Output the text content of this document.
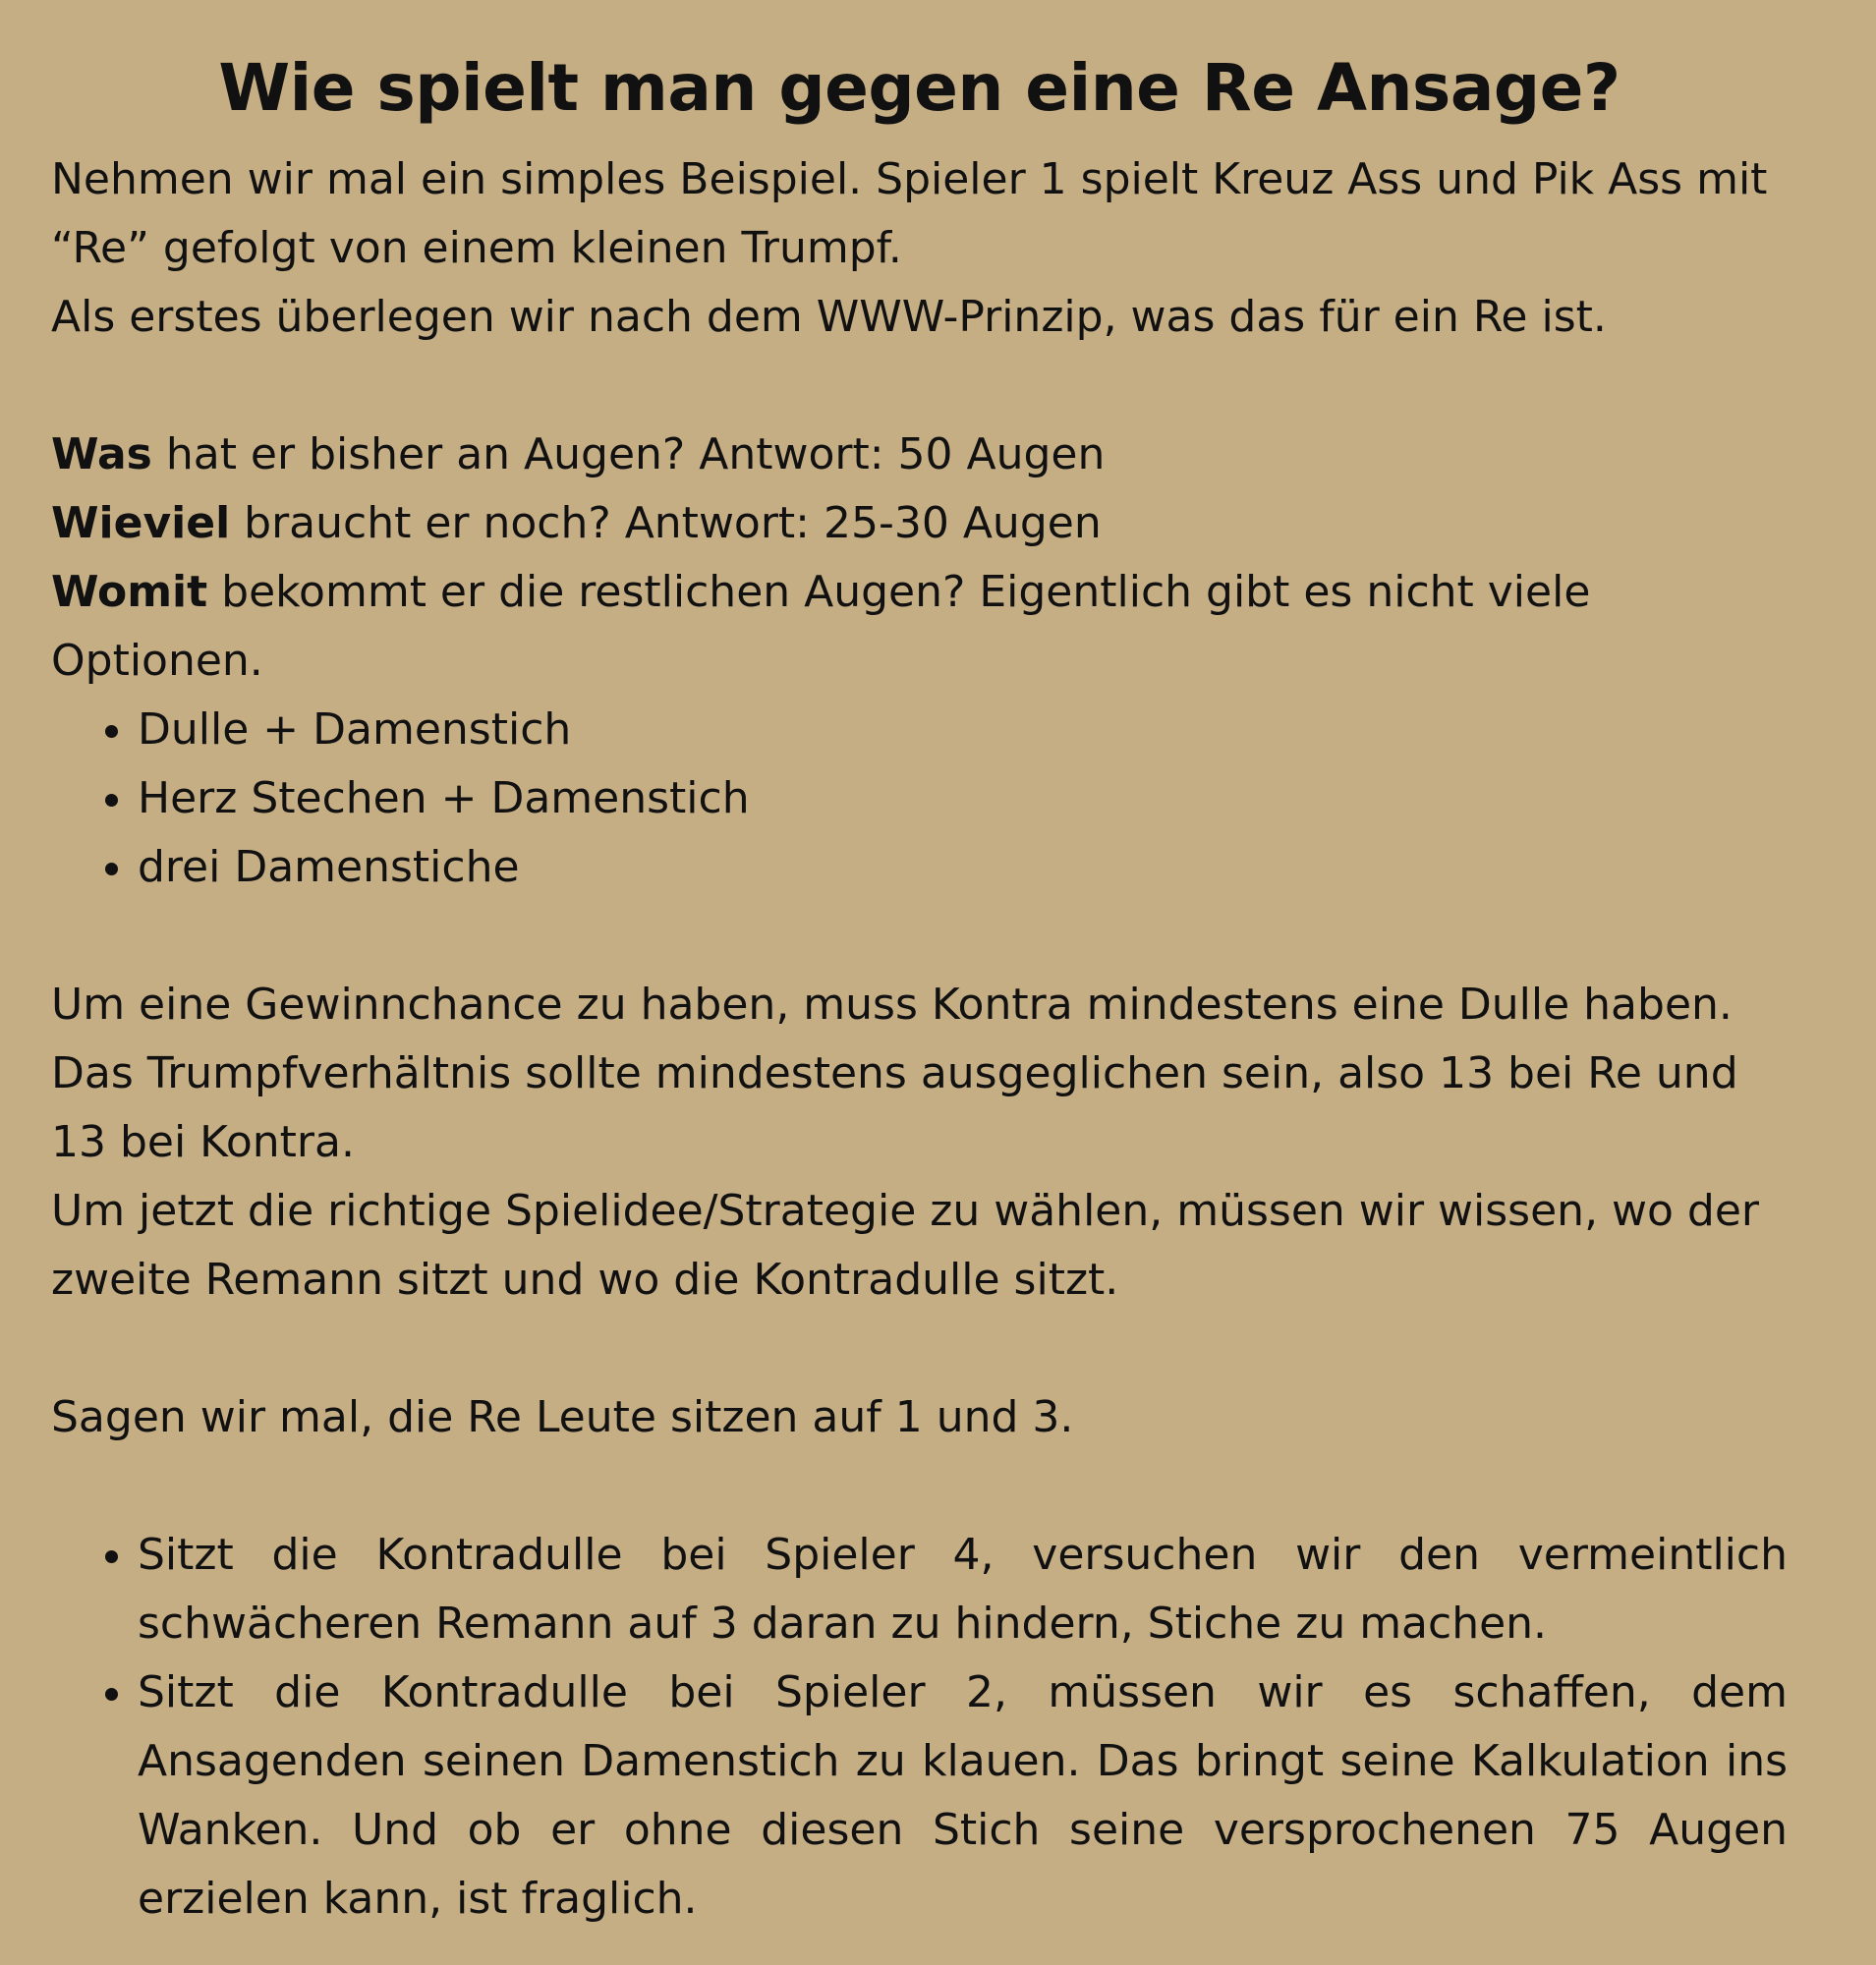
Wie spielt man gegen eine Re Ansage?

Nehmen wir mal ein simples Beispiel. Spieler 1 spielt Kreuz Ass und Pik Ass mit “Re” gefolgt von einem kleinen Trumpf.

Als erstes überlegen wir nach dem WWW-Prinzip, was das für ein Re ist.

Was hat er bisher an Augen? Antwort: 50 Augen

Wieviel braucht er noch? Antwort: 25-30 Augen

Womit bekommt er die restlichen Augen? Eigentlich gibt es nicht viele Optionen.

• Dulle + Damenstich
• Herz Stechen + Damenstich
• drei Damenstiche

Um eine Gewinnchance zu haben, muss Kontra mindestens eine Dulle haben. Das Trumpfverhältnis sollte mindestens ausgeglichen sein, also 13 bei Re und 13 bei Kontra.

Um jetzt die richtige Spielidee/Strategie zu wählen, müssen wir wissen, wo der zweite Remann sitzt und wo die Kontradulle sitzt.

Sagen wir mal, die Re Leute sitzen auf 1 und 3.

• Sitzt die Kontradulle bei Spieler 4, versuchen wir den vermeintlich schwächeren Remann auf 3 daran zu hindern, Stiche zu machen.
• Sitzt die Kontradulle bei Spieler 2, müssen wir es schaffen, dem Ansagenden seinen Damenstich zu klauen. Das bringt seine Kalkulation ins Wanken. Und ob er ohne diesen Stich seine versprochenen 75 Augen erzielen kann, ist fraglich.
